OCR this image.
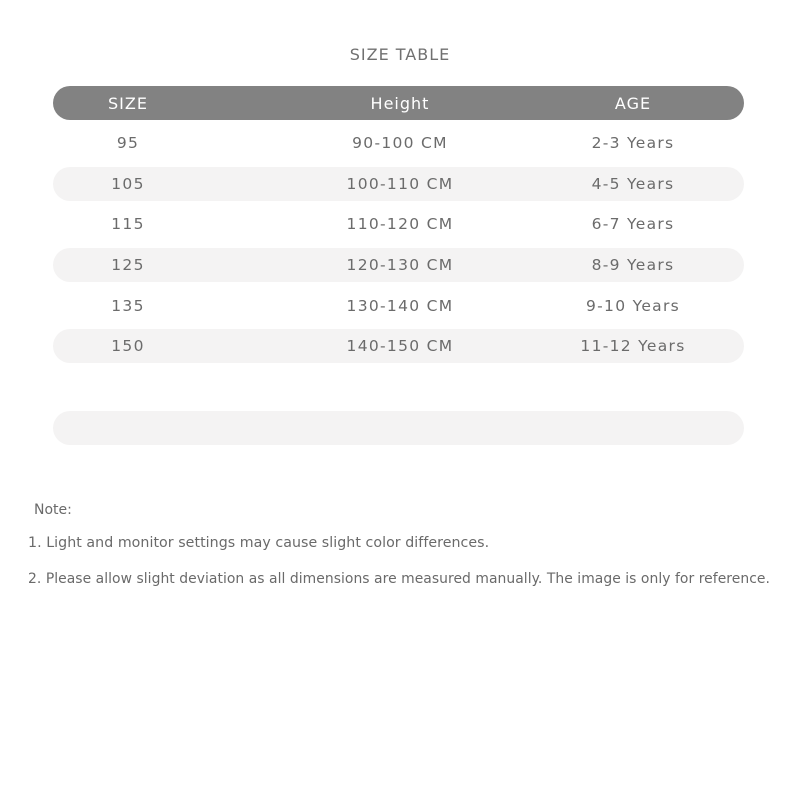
SIZE TABLE
SIZE	Height	AGE
95	90-100 CM	2-3 Years
105	100-110 CM	4-5 Years
115	110-120 CM	6-7 Years
125	120-130 CM	8-9 Years
135	130-140 CM	9-10 Years
150	140-150 CM	11-12 Years
Note:
1. Light and monitor settings may cause slight color differences.
2. Please allow slight deviation as all dimensions are measured manually. The image is only for reference.
